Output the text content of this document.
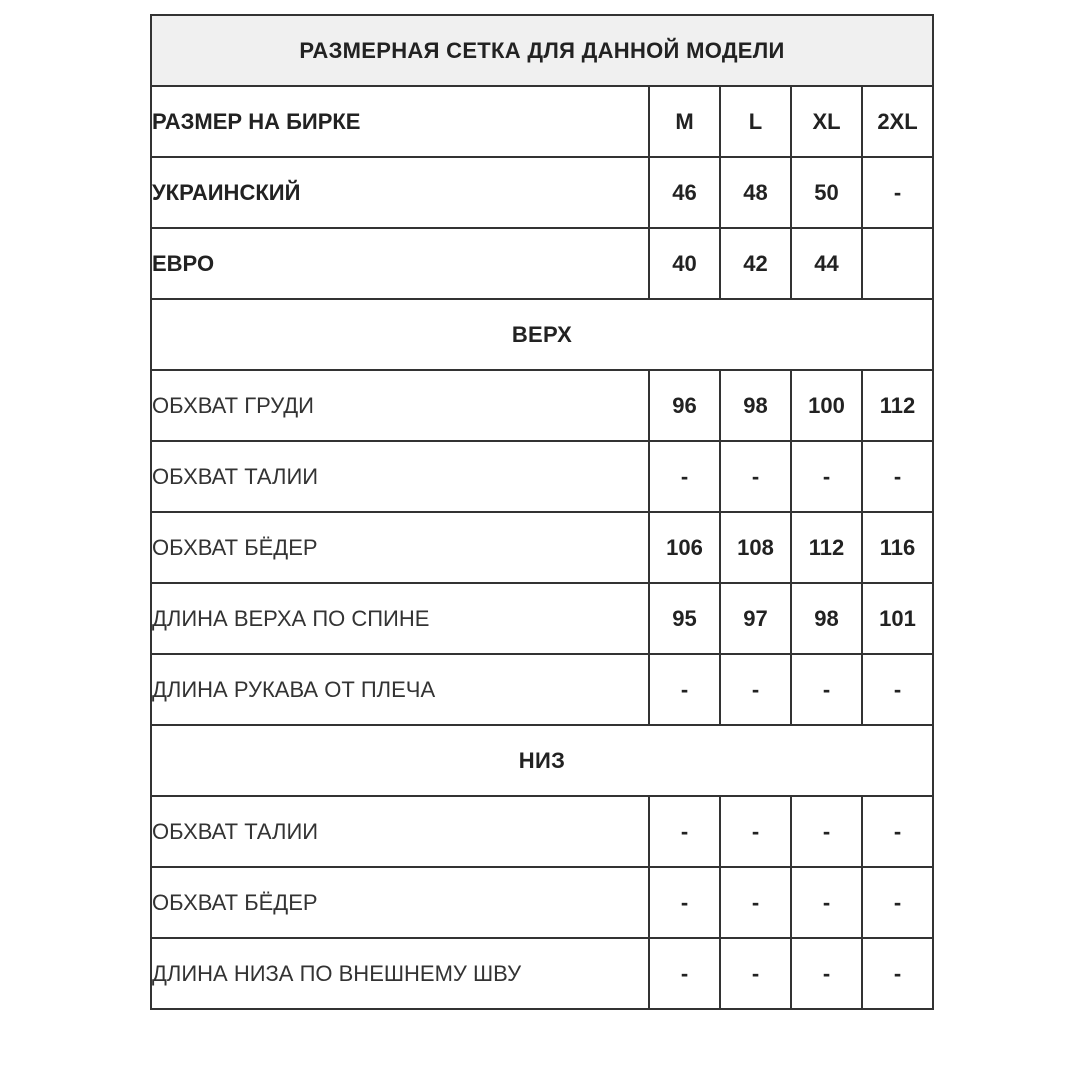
РАЗМЕРНАЯ СЕТКА ДЛЯ ДАННОЙ МОДЕЛИ				
РАЗМЕР НА БИРКЕ	M	L	XL	2XL
УКРАИНСКИЙ	46	48	50	-
ЕВРО	40	42	44	
ВЕРХ				
ОБХВАТ ГРУДИ	96	98	100	112
ОБХВАТ ТАЛИИ	-	-	-	-
ОБХВАТ БЁДЕР	106	108	112	116
ДЛИНА ВЕРХА ПО СПИНЕ	95	97	98	101
ДЛИНА РУКАВА ОТ ПЛЕЧА	-	-	-	-
НИЗ				
ОБХВАТ ТАЛИИ	-	-	-	-
ОБХВАТ БЁДЕР	-	-	-	-
ДЛИНА НИЗА ПО ВНЕШНЕМУ ШВУ	-	-	-	-
